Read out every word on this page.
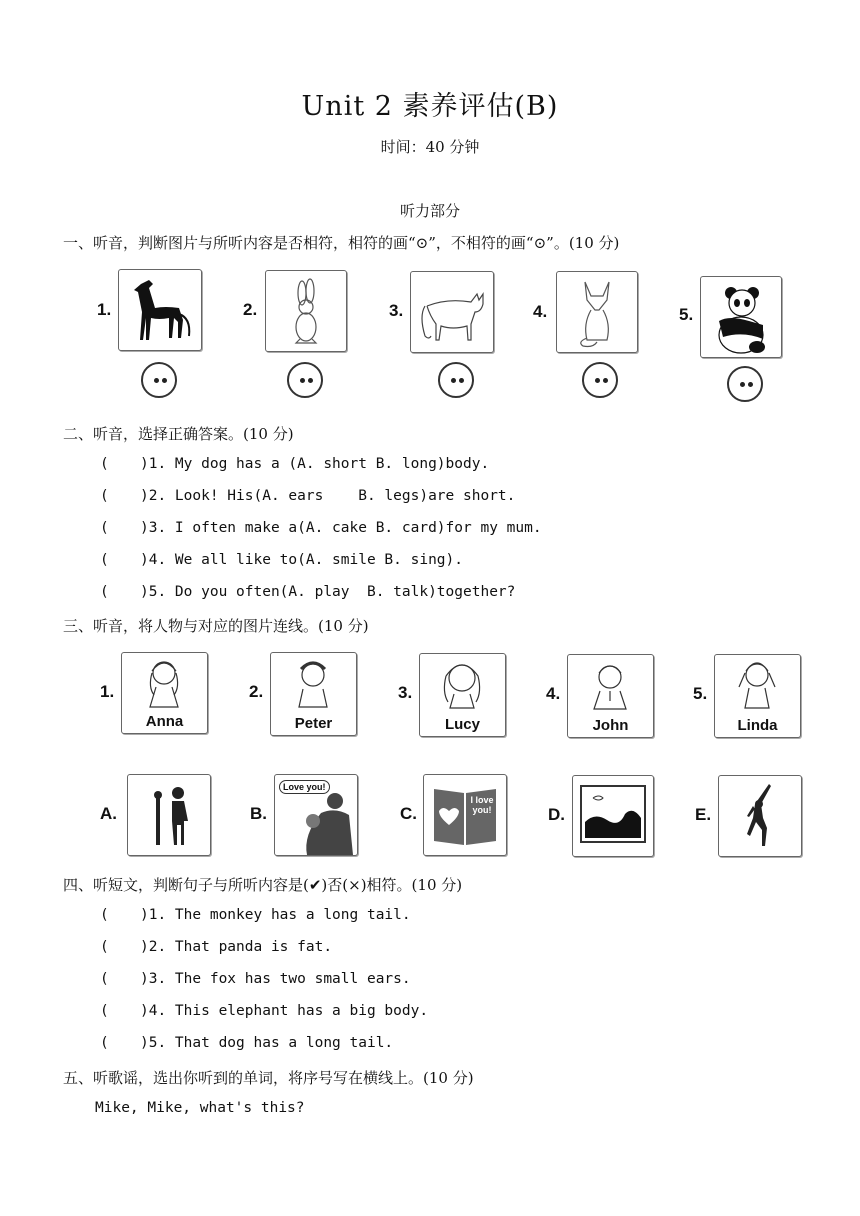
Unit 2 素养评估(B)
时间：40 分钟
听力部分
一、听音，判断图片与所听内容是否相符，相符的画“⊙”，不相符的画“⊙”。(10 分)
1.	2.	3.	4.	5.
二、听音，选择正确答案。(10 分)
( )1. My dog has a (A. short B. long)body.
( )2. Look! His(A. ears    B. legs)are short.
( )3. I often make a(A. cake B. card)for my mum.
( )4. We all like to(A. smile B. sing).
( )5. Do you often(A. play  B. talk)together?
三、听音，将人物与对应的图片连线。(10 分)
1.
Anna
2.
Peter
3.
Lucy
4.
John
5.
Linda
A.	B.
Love you!
C.
I love you!	D.	E.
四、听短文，判断句子与所听内容是(✔)否(×)相符。(10 分)
( )1. The monkey has a long tail.
( )2. That panda is fat.
( )3. The fox has two small ears.
( )4. This elephant has a big body.
( )5. That dog has a long tail.
五、听歌谣，选出你听到的单词，将序号写在横线上。(10 分)
Mike, Mike, what's this?
